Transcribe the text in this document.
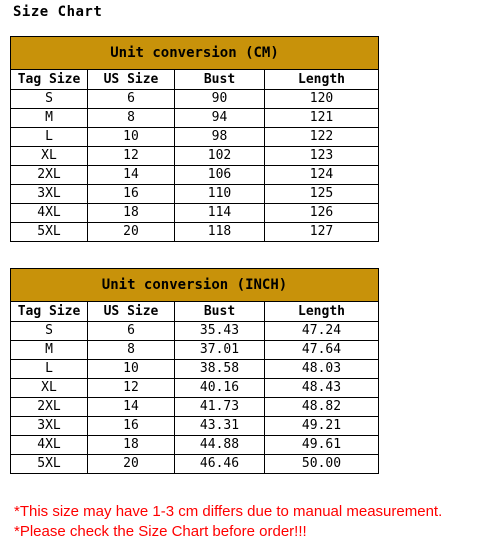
Size Chart
Unit conversion (CM)			
Tag Size	US Size	Bust	Length
S	6	90	120
M	8	94	121
L	10	98	122
XL	12	102	123
2XL	14	106	124
3XL	16	110	125
4XL	18	114	126
5XL	20	118	127
Unit conversion (INCH)			
Tag Size	US Size	Bust	Length
S	6	35.43	47.24
M	8	37.01	47.64
L	10	38.58	48.03
XL	12	40.16	48.43
2XL	14	41.73	48.82
3XL	16	43.31	49.21
4XL	18	44.88	49.61
5XL	20	46.46	50.00
*This size may have 1-3 cm differs due to manual measurement.
*Please check the Size Chart before order!!!
